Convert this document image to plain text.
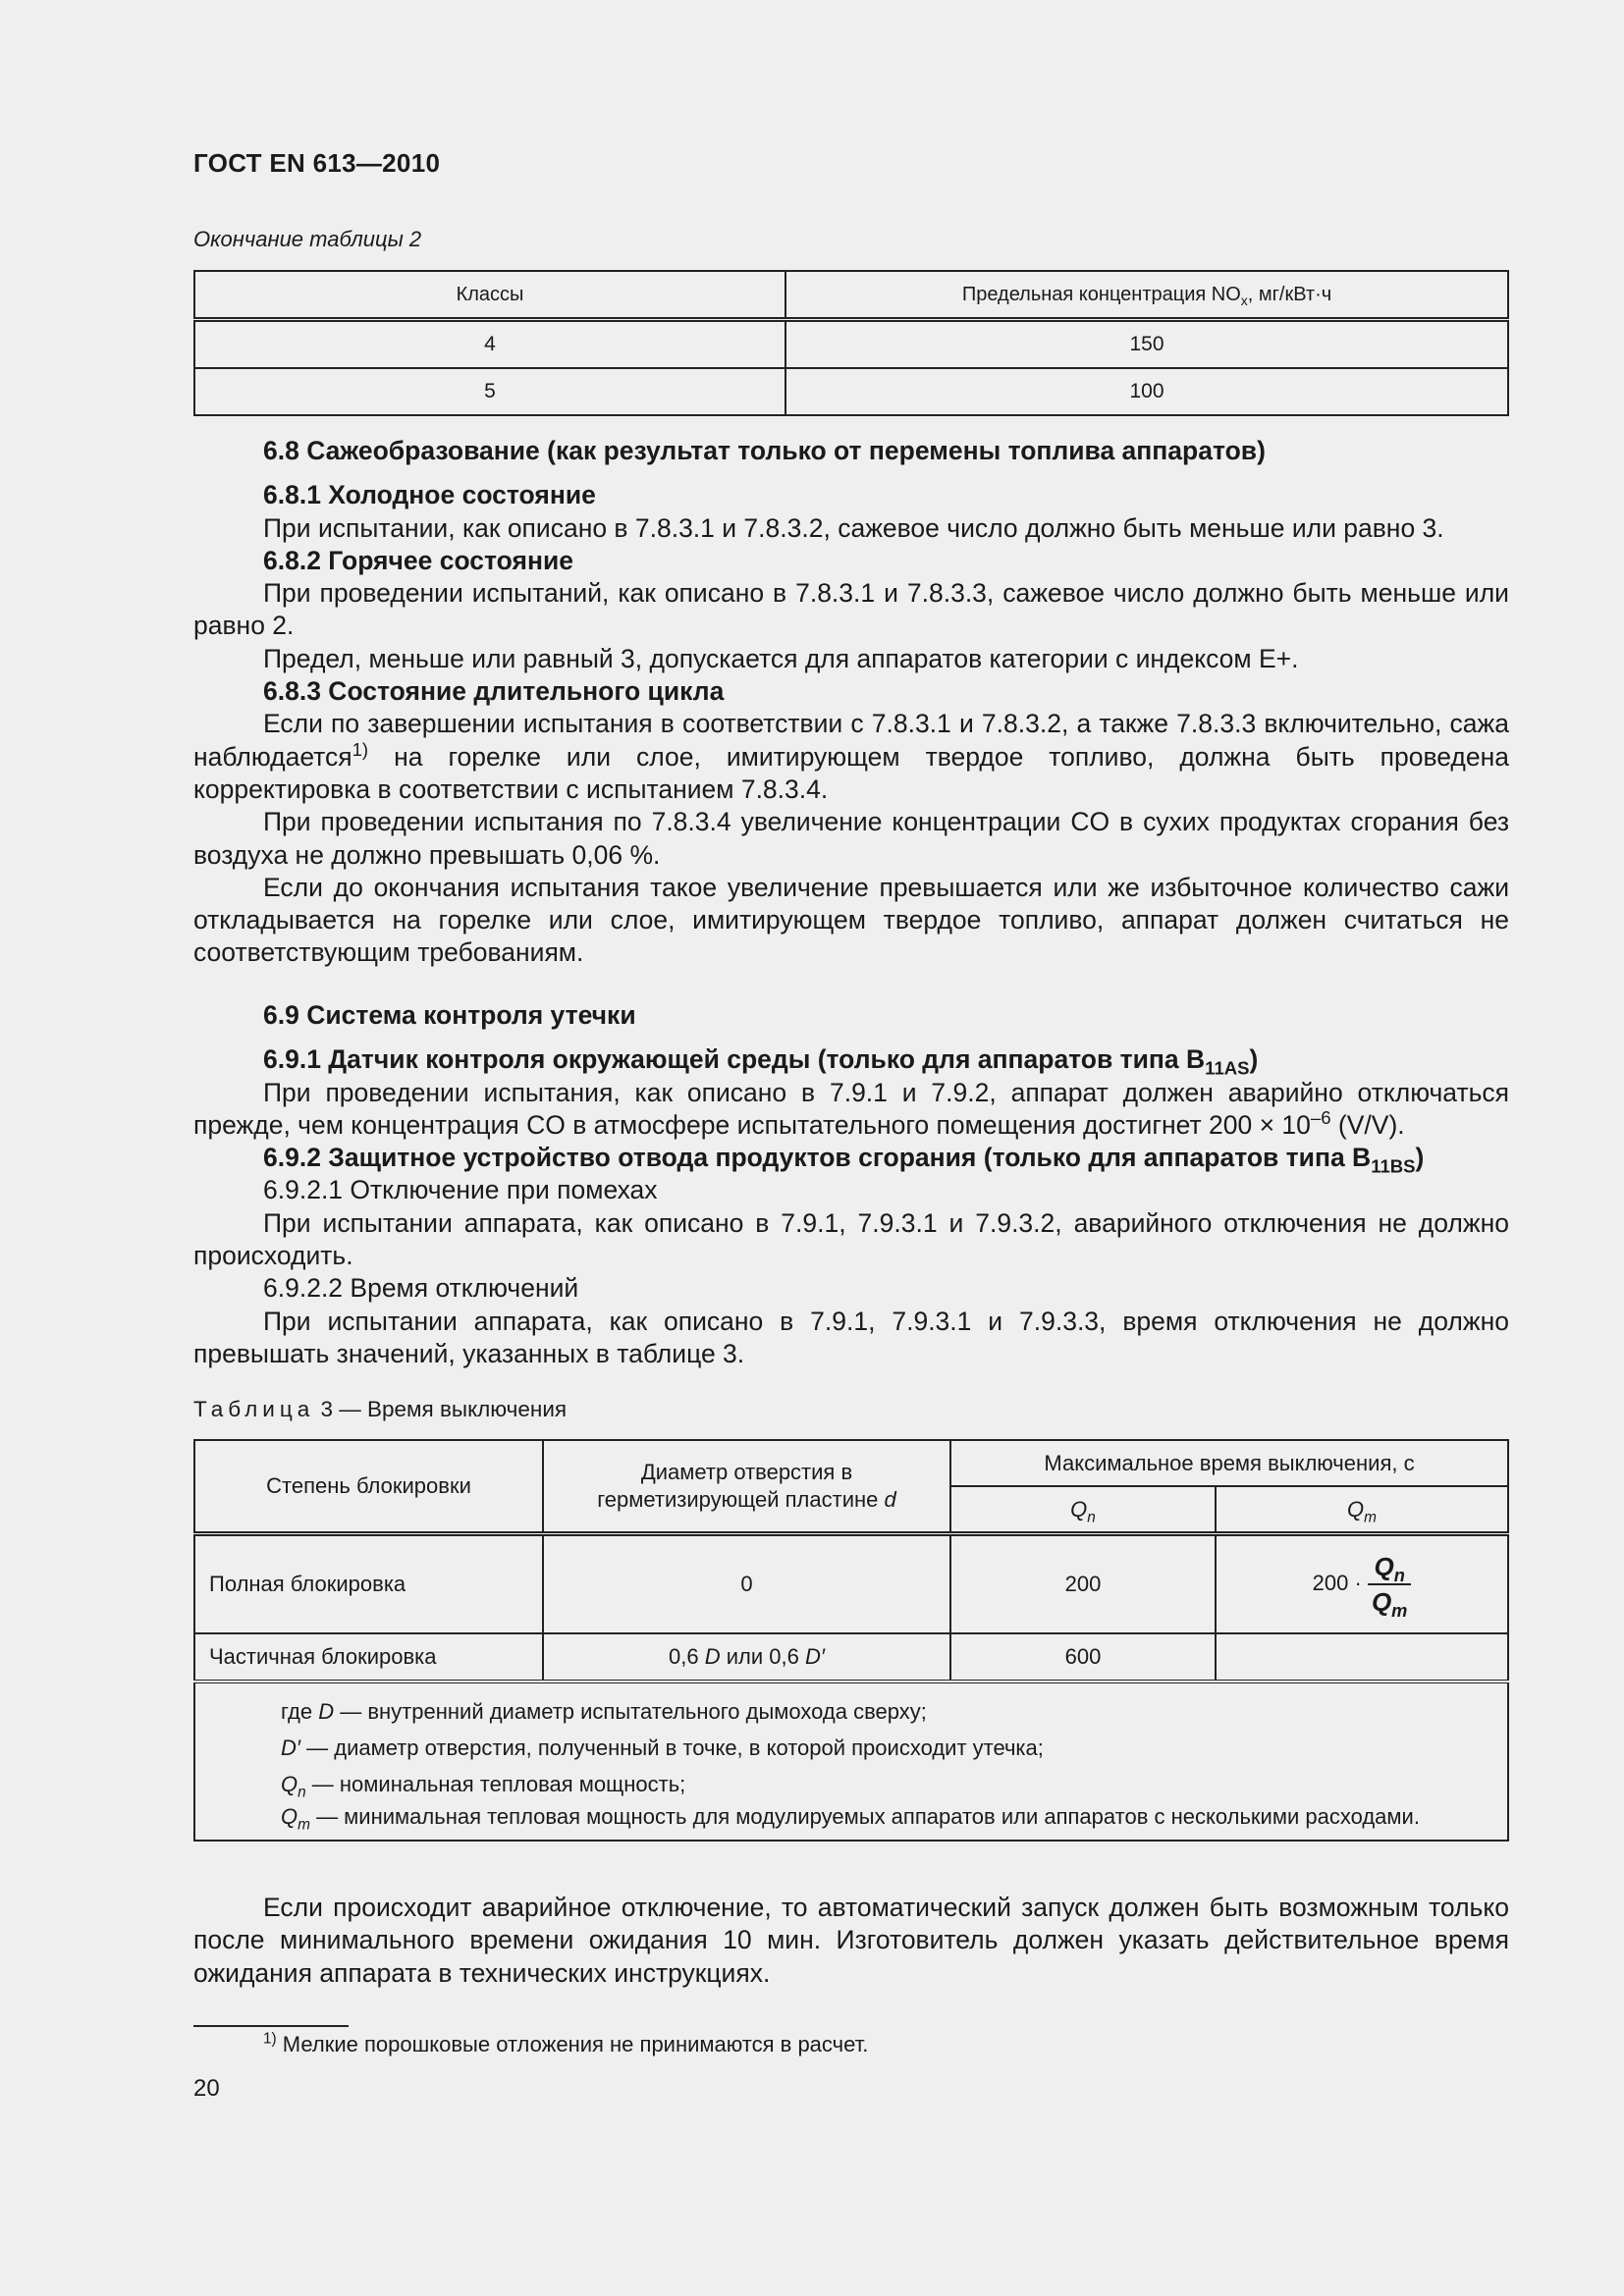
ГОСТ EN 613—2010
Окончание таблицы 2
Классы	Предельная концентрация $NO_x$, мг/кВт·ч
4	150
5	100

6.8 Сажеобразование (как результат только от перемены топлива аппаратов)

6.8.1 Холодное состояние

При испытании, как описано в 7.8.3.1 и 7.8.3.2, сажевое число должно быть меньше или равно 3.

6.8.2 Горячее состояние

При проведении испытаний, как описано в 7.8.3.1 и 7.8.3.3, сажевое число должно быть меньше или равно 2.

Предел, меньше или равный 3, допускается для аппаратов категории с индексом E+.

6.8.3 Состояние длительного цикла

Если по завершении испытания в соответствии с 7.8.3.1 и 7.8.3.2, а также 7.8.3.3 включительно, сажа наблюдается$^{1)}$ на горелке или слое, имитирующем твердое топливо, должна быть проведена корректировка в соответствии с испытанием 7.8.3.4.

При проведении испытания по 7.8.3.4 увеличение концентрации CO в сухих продуктах сгорания без воздуха не должно превышать 0,06 %.

Если до окончания испытания такое увеличение превышается или же избыточное количество сажи откладывается на горелке или слое, имитирующем твердое топливо, аппарат должен считаться не соответствующим требованиям.

6.9 Система контроля утечки

6.9.1 Датчик контроля окружающей среды (только для аппаратов типа $B_{11AS}$)

При проведении испытания, как описано в 7.9.1 и 7.9.2, аппарат должен аварийно отключаться прежде, чем концентрация CO в атмосфере испытательного помещения достигнет $200 \times 10^{-6}$ (V/V).

6.9.2 Защитное устройство отвода продуктов сгорания (только для аппаратов типа $B_{11BS}$)

6.9.2.1 Отключение при помехах

При испытании аппарата, как описано в 7.9.1, 7.9.3.1 и 7.9.3.2, аварийного отключения не должно происходить.

6.9.2.2 Время отключений

При испытании аппарата, как описано в 7.9.1, 7.9.3.1 и 7.9.3.3, время отключения не должно превышать значений, указанных в таблице 3.

Таблица 3 — Время выключения
Степень блокировки	Диаметр отверстия в герметизирующей пластине d	Максимальное время выключения, с	
		$Q_n$	$Q_m$
Полная блокировка	0	200	$200 \cdot \frac{Q_n}{Q_m}$

Частичная блокировка	0,6 D или 0,6 D′	600	

где D — внутренний диаметр испытательного дымохода сверху;

D′ — диаметр отверстия, полученный в точке, в которой происходит утечка;

$Q_n$ — номинальная тепловая мощность;

$Q_m$ — минимальная тепловая мощность для модулируемых аппаратов или аппаратов с несколькими расходами.			

Если происходит аварийное отключение, то автоматический запуск должен быть возможным только после минимального времени ожидания 10 мин. Изготовитель должен указать действительное время ожидания аппарата в технических инструкциях.

$^{1)}$ Мелкие порошковые отложения не принимаются в расчет.
20
